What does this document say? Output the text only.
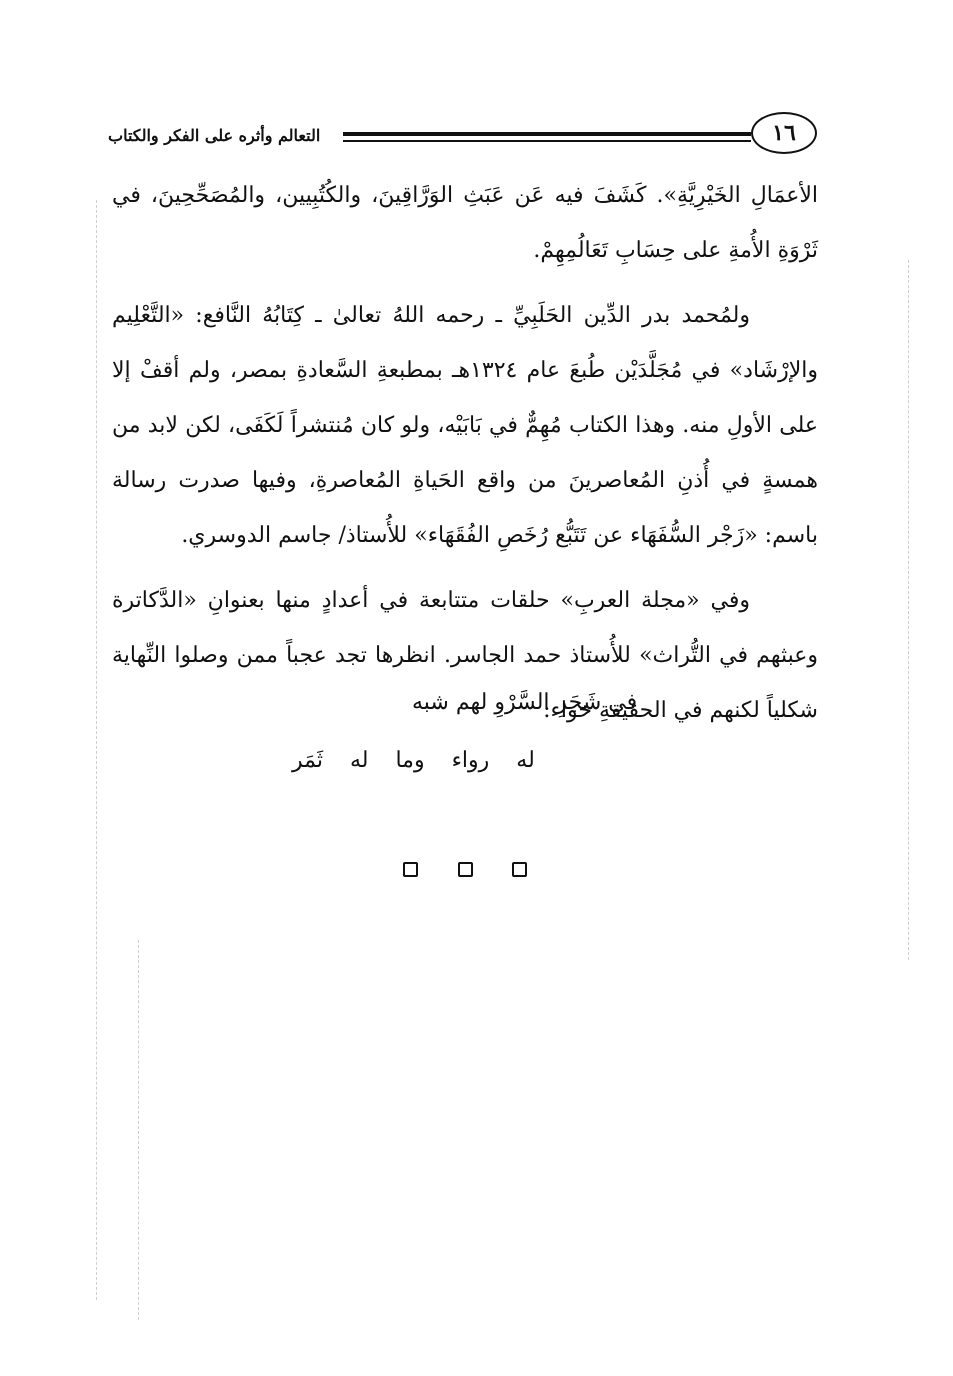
التعالم وأثره على الفكر والكتاب	١٦

الأعمَالِ الخَيْرِيَّةِ». كَشَفَ فيه عَن عَبَثِ الوَرَّاقِينَ، والكُتُبِيين، والمُصَحِّحِينَ، في ثَرْوَةِ الأُمةِ على حِسَابِ تَعَالُمِهِمْ.

ولمُحمد بدر الدِّين الحَلَبِيِّ ـ رحمه اللهُ تعالىٰ ـ كِتَابُهُ النَّافع: «التَّعْلِيم والإرْشَاد» في مُجَلَّدَيْن طُبعَ عام ١٣٢٤هـ بمطبعةِ السَّعادةِ بمصر، ولم أقفْ إلا على الأولِ منه. وهذا الكتاب مُهِمٌّ في بَابَيْه، ولو كان مُنتشراً لَكَفَى، لكن لابد من همسةٍ في أُذنِ المُعاصرينَ من واقع الحَياةِ المُعاصرةِ، وفيها صدرت رسالة باسم: «زَجْر السُّفَهَاء عن تَتَبُّع رُخَصِ الفُقَهَاء» للأُستاذ/ جاسم الدوسري.

وفي «مجلة العربِ» حلقات متتابعة في أعدادٍ منها بعنوانِ «الدَّكاترة وعبثهم في التُّراث» للأُستاذ حمد الجاسر. انظرها تجد عجباً ممن وصلوا النِّهاية شكلياً لكنهم في الحقيقةِ خواء:

في شَجَرِ السَّرْوِ لهم شبه
له رواء وما له ثَمَر
